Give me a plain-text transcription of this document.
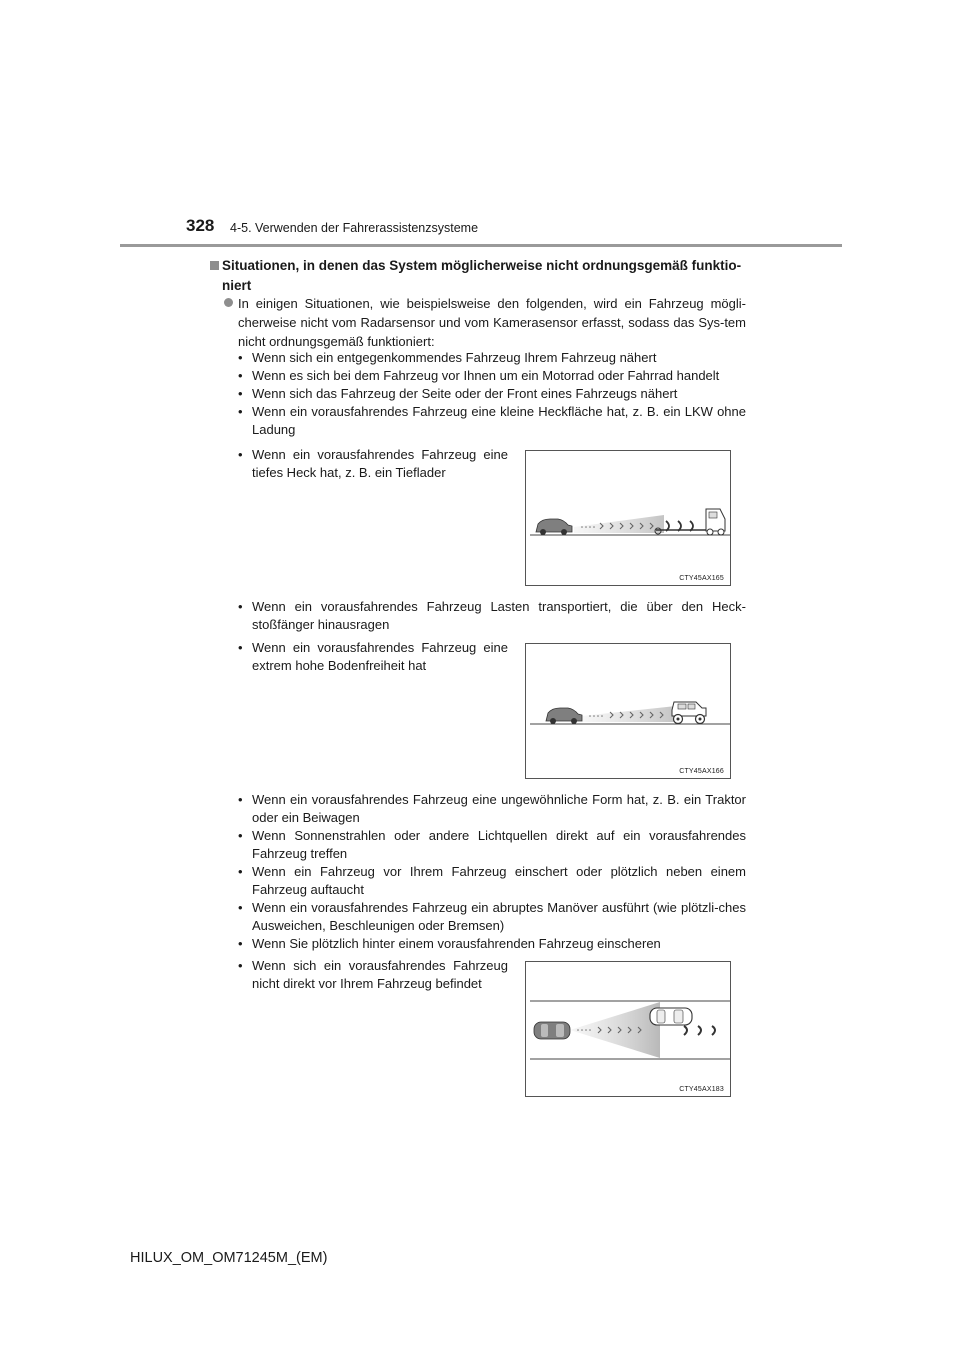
328 4-5. Verwenden der Fahrerassistenzsysteme
Situationen, in denen das System möglicherweise nicht ordnungsgemäß funktio-niert
In einigen Situationen, wie beispielsweise den folgenden, wird ein Fahrzeug mögli-cherweise nicht vom Radarsensor und vom Kamerasensor erfasst, sodass das Sys-tem nicht ordnungsgemäß funktioniert:
• Wenn sich ein entgegenkommendes Fahrzeug Ihrem Fahrzeug nähert
• Wenn es sich bei dem Fahrzeug vor Ihnen um ein Motorrad oder Fahrrad handelt
• Wenn sich das Fahrzeug der Seite oder der Front eines Fahrzeugs nähert
• Wenn ein vorausfahrendes Fahrzeug eine kleine Heckfläche hat, z. B. ein LKW ohne Ladung
• Wenn ein vorausfahrendes Fahrzeug eine tiefes Heck hat, z. B. ein Tieflader
CTY45AX165
• Wenn ein vorausfahrendes Fahrzeug Lasten transportiert, die über den Heck-stoßfänger hinausragen
• Wenn ein vorausfahrendes Fahrzeug eine extrem hohe Bodenfreiheit hat
CTY45AX166
• Wenn ein vorausfahrendes Fahrzeug eine ungewöhnliche Form hat, z. B. ein Traktor oder ein Beiwagen
• Wenn Sonnenstrahlen oder andere Lichtquellen direkt auf ein vorausfahrendes Fahrzeug treffen
• Wenn ein Fahrzeug vor Ihrem Fahrzeug einschert oder plötzlich neben einem Fahrzeug auftaucht
• Wenn ein vorausfahrendes Fahrzeug ein abruptes Manöver ausführt (wie plötzli-ches Ausweichen, Beschleunigen oder Bremsen)
• Wenn Sie plötzlich hinter einem vorausfahrenden Fahrzeug einscheren
• Wenn sich ein vorausfahrendes Fahrzeug nicht direkt vor Ihrem Fahrzeug befindet
CTY45AX183
HILUX_OM_OM71245M_(EM)
